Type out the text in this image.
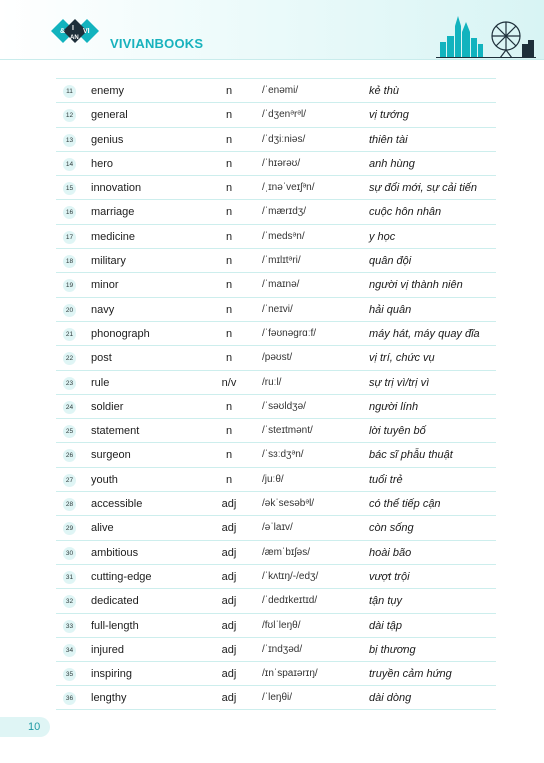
& I VI
AN VIVIANBOOKS
11 enemy	n	/ˈenəmi/	kẻ thù
12 general	n	/ˈdʒenᵊrᵊl/	vị tướng
13 genius	n	/ˈdʒiːniəs/	thiên tài
14 hero	n	/ˈhɪərəʊ/	anh hùng
15 innovation	n	/ˌɪnəˈveɪʃᵊn/	sự đổi mới, sự cải tiến
16 marriage	n	/ˈmærɪdʒ/	cuộc hôn nhân
17 medicine	n	/ˈmedsᵊn/	y học
18 military	n	/ˈmɪlɪtᵊri/	quân đội
19 minor	n	/ˈmaɪnə/	người vị thành niên
20 navy	n	/ˈneɪvi/	hải quân
21 phonograph	n	/ˈfəʊnəgrɑːf/	máy hát, máy quay đĩa
22 post	n	/pəʊst/	vị trí, chức vụ
23 rule	n/v	/ruːl/	sự trị vì/trị vì
24 soldier	n	/ˈsəʊldʒə/	người lính
25 statement	n	/ˈsteɪtmənt/	lời tuyên bố
26 surgeon	n	/ˈsɜːdʒᵊn/	bác sĩ phẫu thuật
27 youth	n	/juːθ/	tuổi trẻ
28 accessible	adj	/əkˈsesəbᵊl/	có thể tiếp cận
29 alive	adj	/əˈlaɪv/	còn sống
30 ambitious	adj	/æmˈbɪʃəs/	hoài bão
31 cutting-edge	adj	/ˈkʌtɪŋ/-/edʒ/	vượt trội
32 dedicated	adj	/ˈdedɪkeɪtɪd/	tận tụy
33 full-length	adj	/fʊlˈleŋθ/	dài tập
34 injured	adj	/ˈɪndʒəd/	bị thương
35 inspiring	adj	/ɪnˈspaɪərɪŋ/	truyền cảm hứng
36 lengthy	adj	/ˈleŋθi/	dài dòng
10
